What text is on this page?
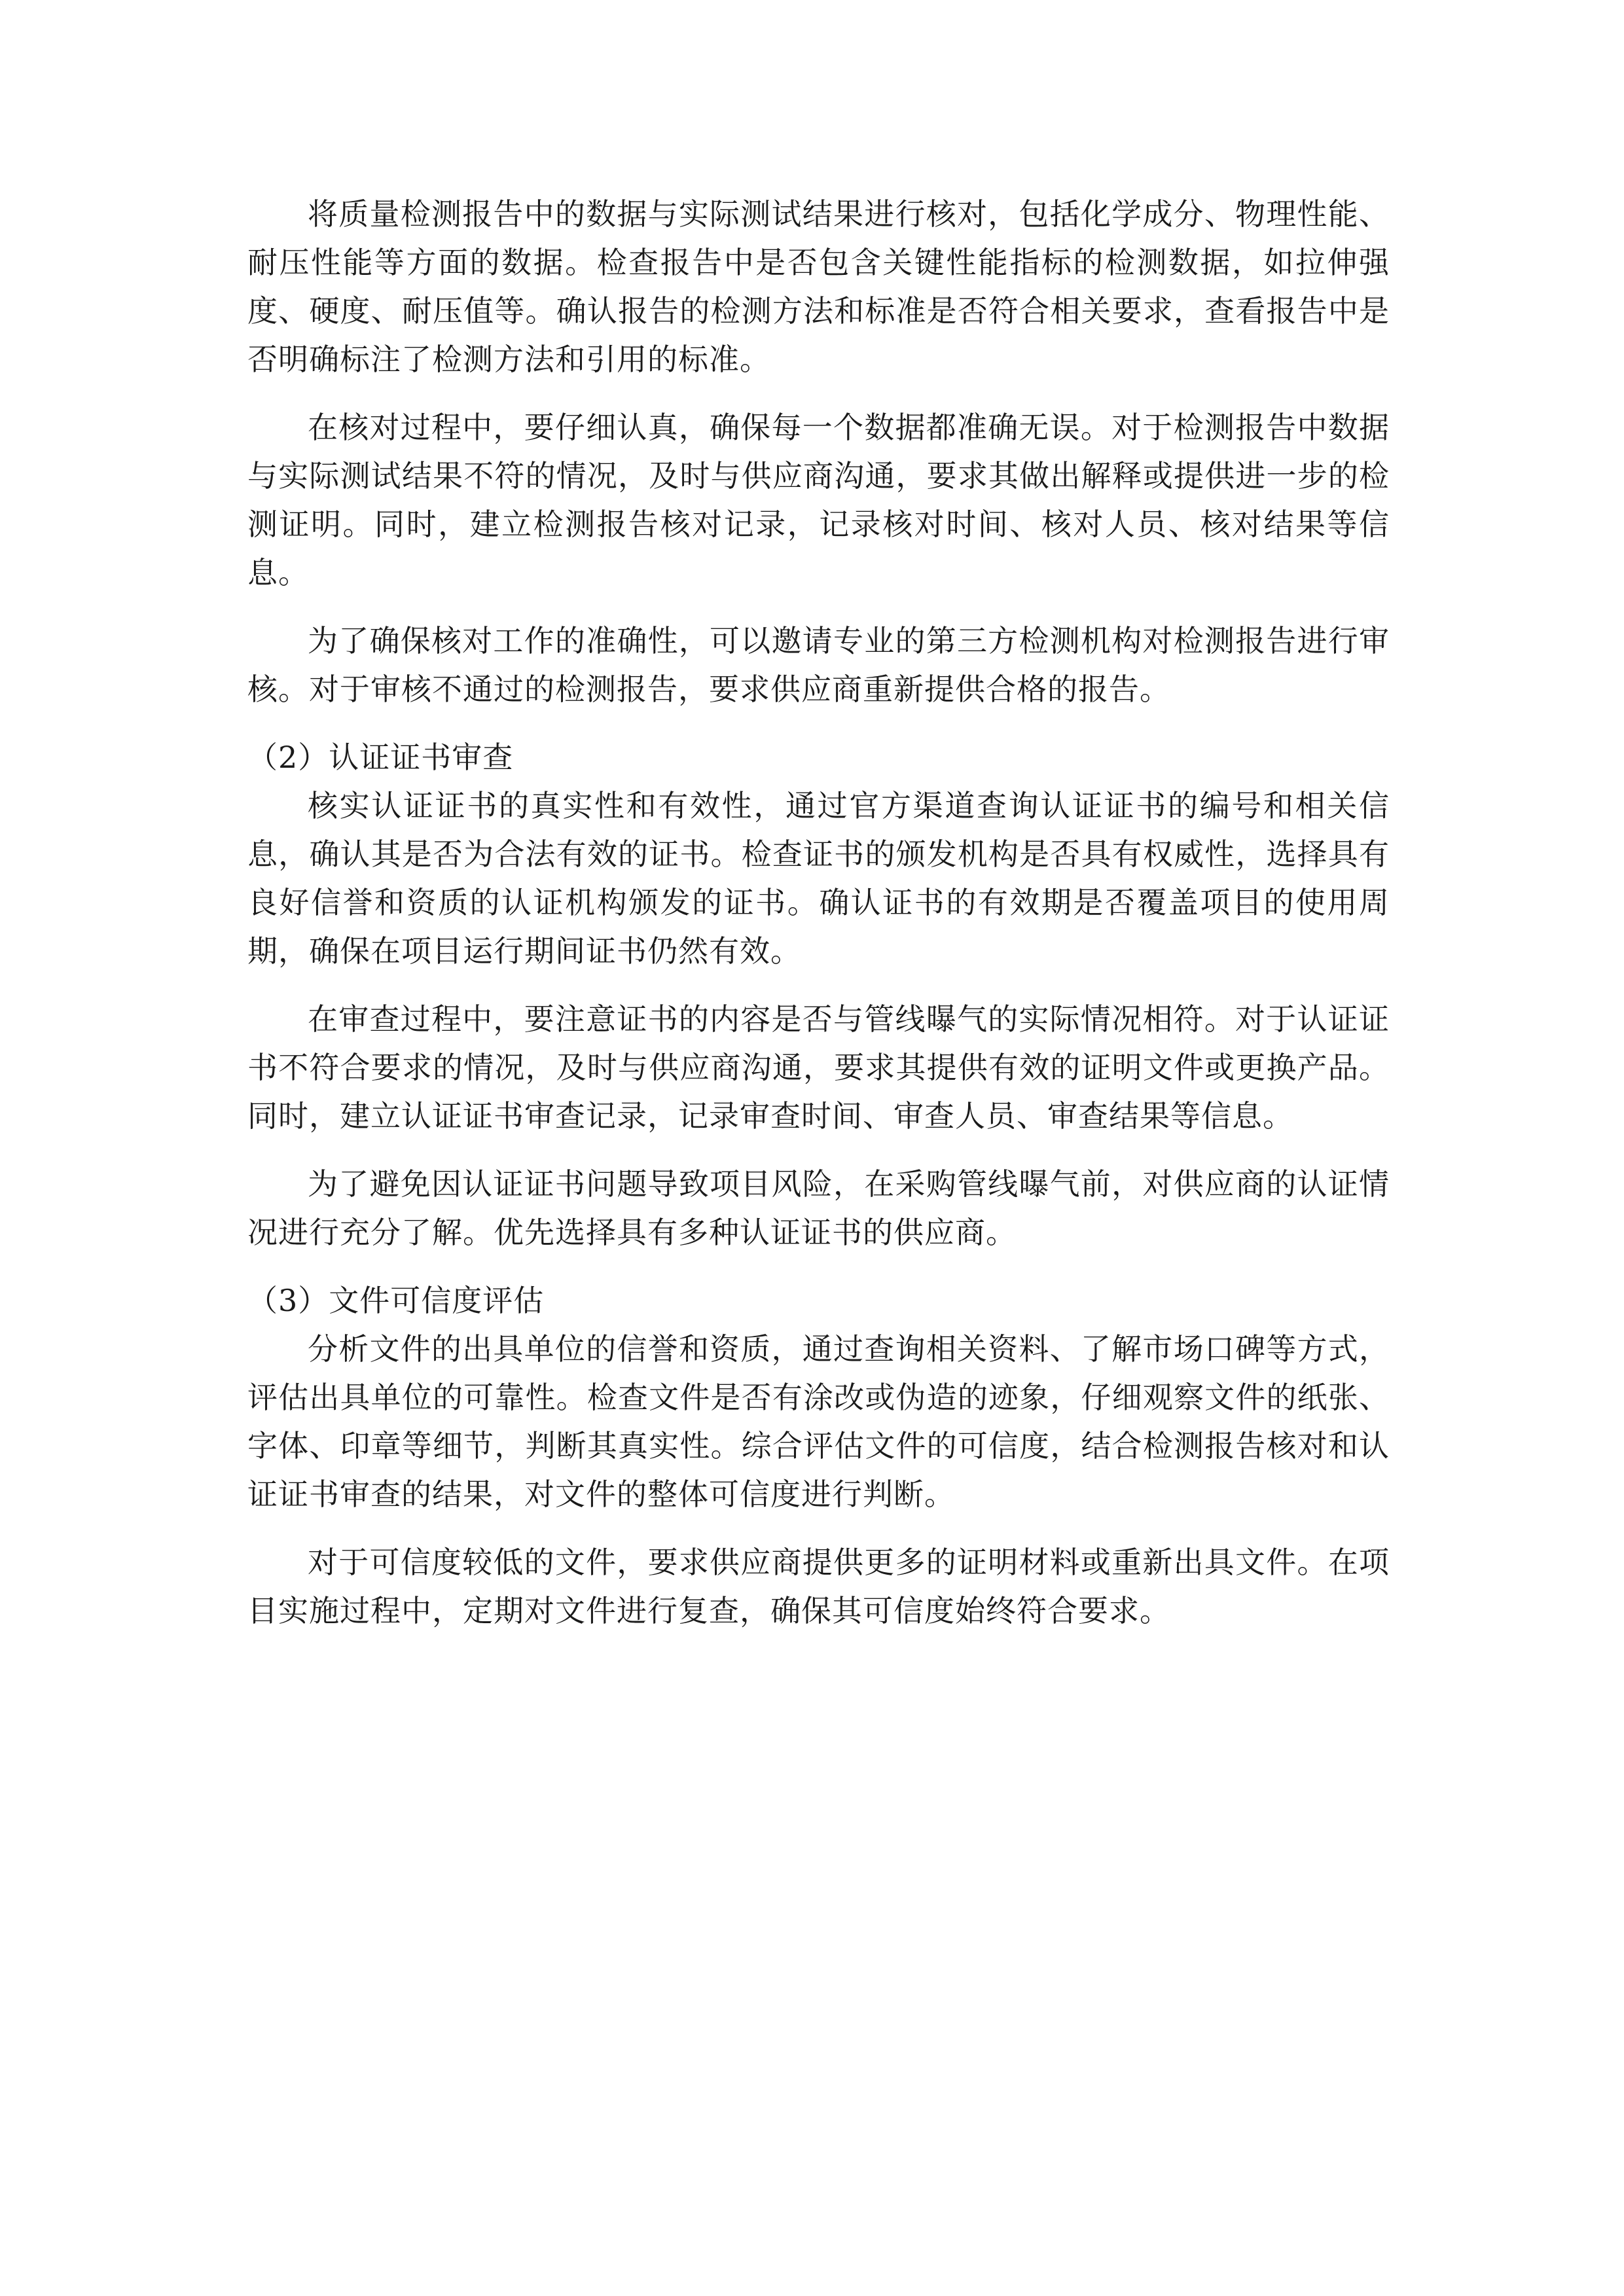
将质量检测报告中的数据与实际测试结果进行核对，包括化学成分、物理性能、耐压性能等方面的数据。检查报告中是否包含关键性能指标的检测数据，如拉伸强度、硬度、耐压值等。确认报告的检测方法和标准是否符合相关要求，查看报告中是否明确标注了检测方法和引用的标准。

在核对过程中，要仔细认真，确保每一个数据都准确无误。对于检测报告中数据与实际测试结果不符的情况，及时与供应商沟通，要求其做出解释或提供进一步的检测证明。同时，建立检测报告核对记录，记录核对时间、核对人员、核对结果等信息。

为了确保核对工作的准确性，可以邀请专业的第三方检测机构对检测报告进行审核。对于审核不通过的检测报告，要求供应商重新提供合格的报告。

（2）认证证书审查

核实认证证书的真实性和有效性，通过官方渠道查询认证证书的编号和相关信息，确认其是否为合法有效的证书。检查证书的颁发机构是否具有权威性，选择具有良好信誉和资质的认证机构颁发的证书。确认证书的有效期是否覆盖项目的使用周期，确保在项目运行期间证书仍然有效。

在审查过程中，要注意证书的内容是否与管线曝气的实际情况相符。对于认证证书不符合要求的情况，及时与供应商沟通，要求其提供有效的证明文件或更换产品。同时，建立认证证书审查记录，记录审查时间、审查人员、审查结果等信息。

为了避免因认证证书问题导致项目风险，在采购管线曝气前，对供应商的认证情况进行充分了解。优先选择具有多种认证证书的供应商。

（3）文件可信度评估

分析文件的出具单位的信誉和资质，通过查询相关资料、了解市场口碑等方式，评估出具单位的可靠性。检查文件是否有涂改或伪造的迹象，仔细观察文件的纸张、字体、印章等细节，判断其真实性。综合评估文件的可信度，结合检测报告核对和认证证书审查的结果，对文件的整体可信度进行判断。

对于可信度较低的文件，要求供应商提供更多的证明材料或重新出具文件。在项目实施过程中，定期对文件进行复查，确保其可信度始终符合要求。
